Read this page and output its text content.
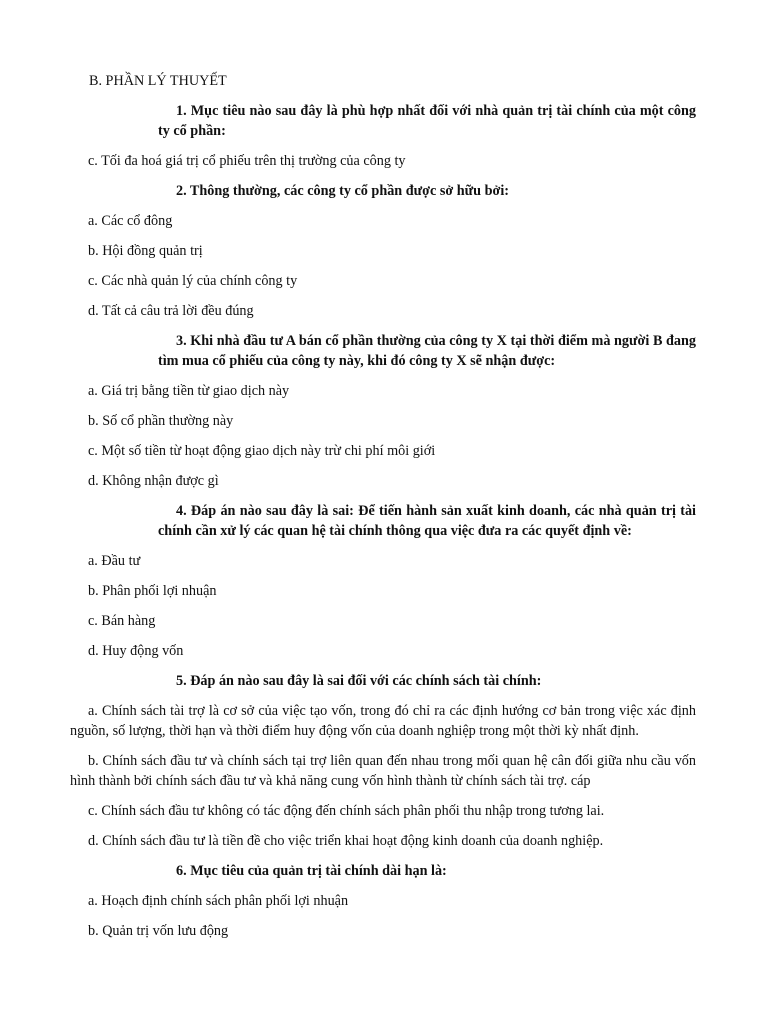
B. PHẦN LÝ THUYẾT

1. Mục tiêu nào sau đây là phù hợp nhất đối với nhà quản trị tài chính của một công ty cổ phần:

c. Tối đa hoá giá trị cổ phiếu trên thị trường của công ty

2. Thông thường, các công ty cổ phần được sở hữu bởi:

a. Các cổ đông

b. Hội đồng quản trị

c. Các nhà quản lý của chính công ty

d. Tất cả câu trả lời đều đúng

3. Khi nhà đầu tư A bán cổ phần thường của công ty X tại thời điểm mà người B đang tìm mua cổ phiếu của công ty này, khi đó công ty X sẽ nhận được:

a. Giá trị bằng tiền từ giao dịch này

b. Số cổ phần thường này

c. Một số tiền từ hoạt động giao dịch này trừ chi phí môi giới

d. Không nhận được gì

4. Đáp án nào sau đây là sai: Để tiến hành sản xuất kinh doanh, các nhà quản trị tài chính cần xử lý các quan hệ tài chính thông qua việc đưa ra các quyết định về:

a. Đầu tư

b. Phân phối lợi nhuận

c. Bán hàng

d. Huy động vốn

5. Đáp án nào sau đây là sai đối với các chính sách tài chính:

a. Chính sách tài trợ là cơ sở của việc tạo vốn, trong đó chỉ ra các định hướng cơ bản trong việc xác định nguồn, số lượng, thời hạn và thời điểm huy động vốn của doanh nghiệp trong một thời kỳ nhất định.

b. Chính sách đầu tư và chính sách tại trợ liên quan đến nhau trong mối quan hệ cân đối giữa nhu cầu vốn hình thành bởi chính sách đầu tư và khả năng cung vốn hình thành từ chính sách tài trợ. cáp

c. Chính sách đầu tư không có tác động đến chính sách phân phối thu nhập trong tương lai.

d. Chính sách đầu tư là tiền đề cho việc triển khai hoạt động kinh doanh của doanh nghiệp.

6. Mục tiêu của quản trị tài chính dài hạn là:

a. Hoạch định chính sách phân phối lợi nhuận

b. Quản trị vốn lưu động
